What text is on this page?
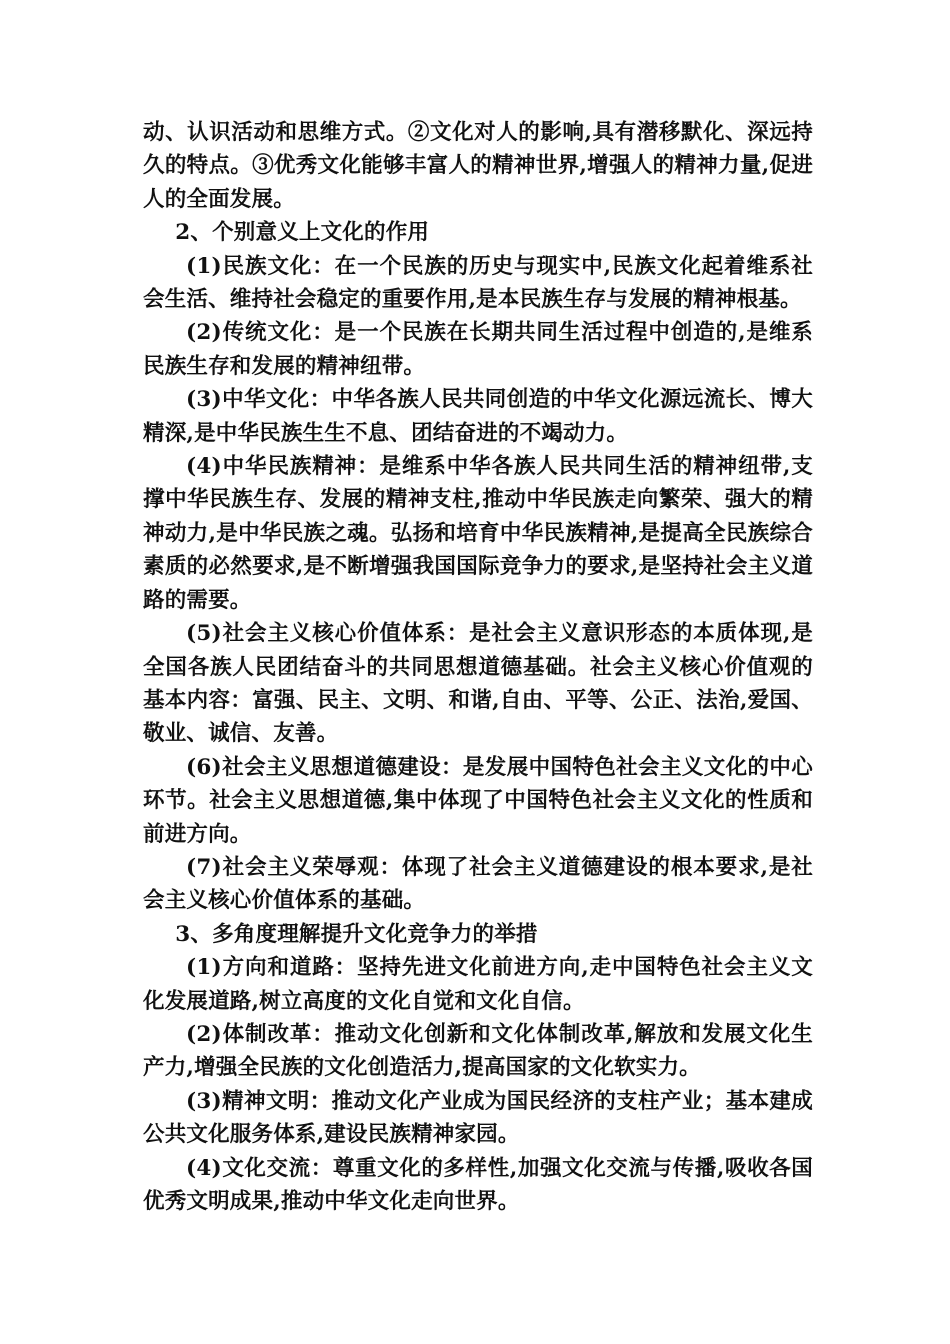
动、认识活动和思维方式。②文化对人的影响,具有潜移默化、深远持久的特点。③优秀文化能够丰富人的精神世界,增强人的精神力量,促进人的全面发展。

2、个别意义上文化的作用

(1)民族文化：在一个民族的历史与现实中,民族文化起着维系社会生活、维持社会稳定的重要作用,是本民族生存与发展的精神根基。

(2)传统文化：是一个民族在长期共同生活过程中创造的,是维系民族生存和发展的精神纽带。

(3)中华文化：中华各族人民共同创造的中华文化源远流长、博大精深,是中华民族生生不息、团结奋进的不竭动力。

(4)中华民族精神：是维系中华各族人民共同生活的精神纽带,支撑中华民族生存、发展的精神支柱,推动中华民族走向繁荣、强大的精神动力,是中华民族之魂。弘扬和培育中华民族精神,是提高全民族综合素质的必然要求,是不断增强我国国际竞争力的要求,是坚持社会主义道路的需要。

(5)社会主义核心价值体系：是社会主义意识形态的本质体现,是全国各族人民团结奋斗的共同思想道德基础。社会主义核心价值观的基本内容：富强、民主、文明、和谐,自由、平等、公正、法治,爱国、敬业、诚信、友善。

(6)社会主义思想道德建设：是发展中国特色社会主义文化的中心环节。社会主义思想道德,集中体现了中国特色社会主义文化的性质和前进方向。

(7)社会主义荣辱观：体现了社会主义道德建设的根本要求,是社会主义核心价值体系的基础。

3、多角度理解提升文化竞争力的举措

(1)方向和道路：坚持先进文化前进方向,走中国特色社会主义文化发展道路,树立高度的文化自觉和文化自信。

(2)体制改革：推动文化创新和文化体制改革,解放和发展文化生产力,增强全民族的文化创造活力,提高国家的文化软实力。

(3)精神文明：推动文化产业成为国民经济的支柱产业；基本建成公共文化服务体系,建设民族精神家园。

(4)文化交流：尊重文化的多样性,加强文化交流与传播,吸收各国优秀文明成果,推动中华文化走向世界。
